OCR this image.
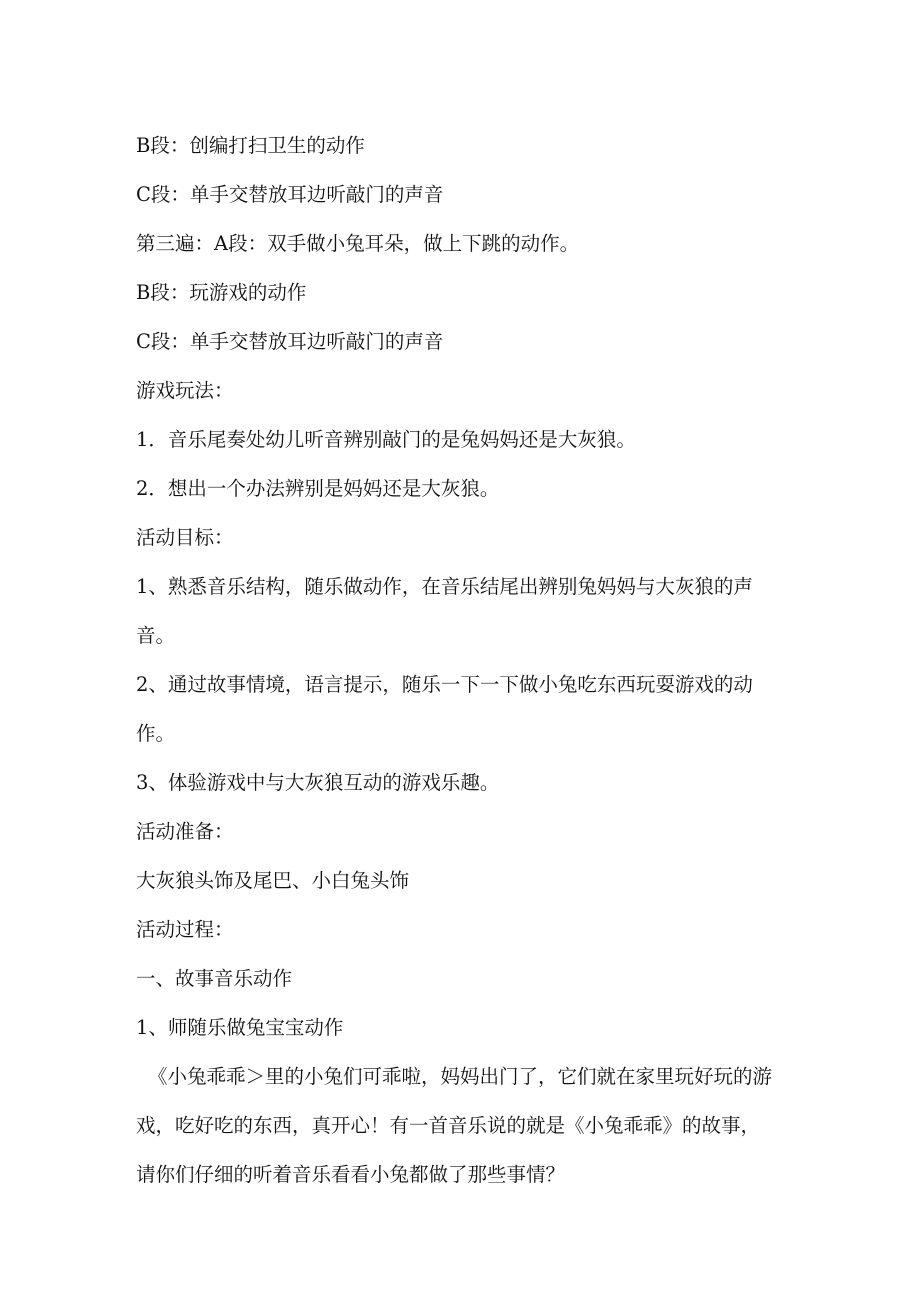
B段：创编打扫卫生的动作
C段：单手交替放耳边听敲门的声音
第三遍：A段：双手做小兔耳朵，做上下跳的动作。
B段：玩游戏的动作
C段：单手交替放耳边听敲门的声音
游戏玩法：
1．音乐尾奏处幼儿听音辨别敲门的是兔妈妈还是大灰狼。
2．想出一个办法辨别是妈妈还是大灰狼。
活动目标：
1、熟悉音乐结构，随乐做动作，在音乐结尾出辨别兔妈妈与大灰狼的声
音。
2、通过故事情境，语言提示，随乐一下一下做小兔吃东西玩耍游戏的动
作。
3、体验游戏中与大灰狼互动的游戏乐趣。
活动准备：
大灰狼头饰及尾巴、小白兔头饰
活动过程：
一、故事音乐动作
1、师随乐做兔宝宝动作
《小兔乖乖＞里的小兔们可乖啦，妈妈出门了，它们就在家里玩好玩的游
戏，吃好吃的东西，真开心！有一首音乐说的就是《小兔乖乖》的故事，
请你们仔细的听着音乐看看小兔都做了那些事情？
